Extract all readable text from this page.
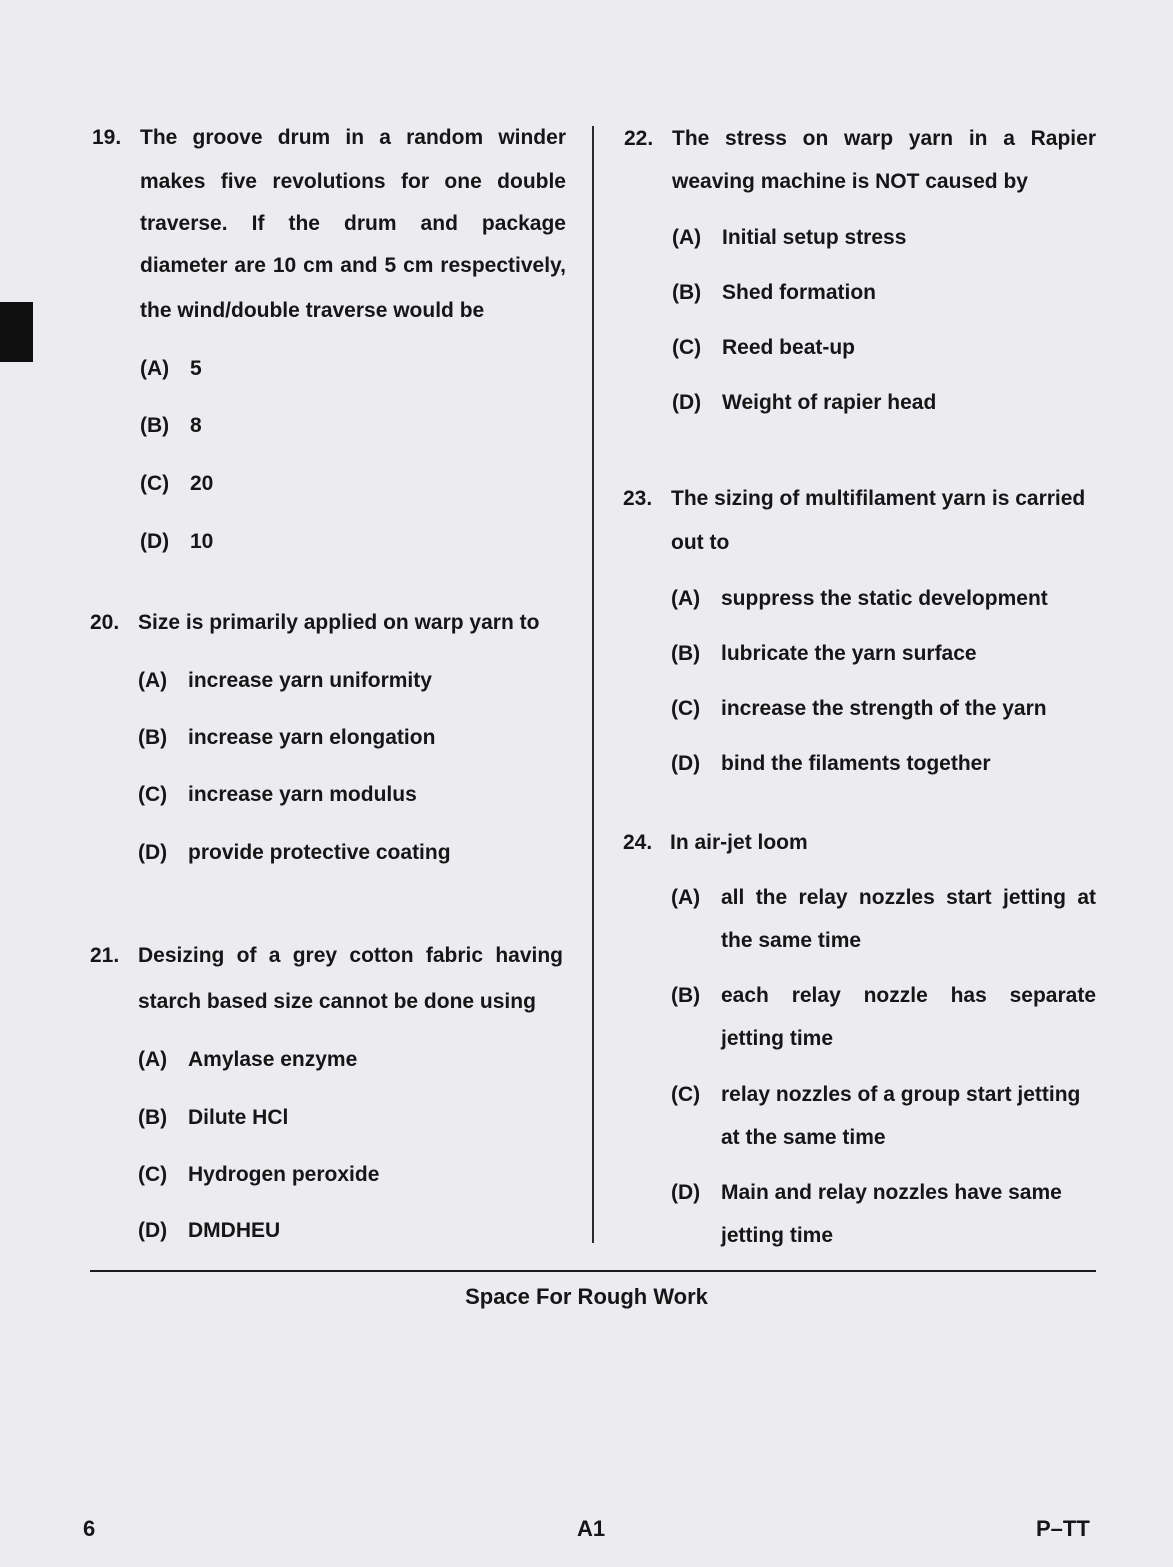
19. The groove drum in a random winder
makes five revolutions for one double
traverse. If the drum and package
diameter are 10 cm and 5 cm respectively,
the wind/double traverse would be
(A) 5
(B) 8
(C) 20
(D) 10
20. Size is primarily applied on warp yarn to
(A) increase yarn uniformity
(B) increase yarn elongation
(C) increase yarn modulus
(D) provide protective coating
21. Desizing of a grey cotton fabric having
starch based size cannot be done using
(A) Amylase enzyme
(B) Dilute HCl
(C) Hydrogen peroxide
(D) DMDHEU
22. The stress on warp yarn in a Rapier
weaving machine is NOT caused by
(A) Initial setup stress
(B) Shed formation
(C) Reed beat-up
(D) Weight of rapier head
23. The sizing of multifilament yarn is carried
out to
(A) suppress the static development
(B) lubricate the yarn surface
(C) increase the strength of the yarn
(D) bind the filaments together
24. In air-jet loom
(A) all the relay nozzles start jetting at
the same time
(B) each relay nozzle has separate
jetting time
(C) relay nozzles of a group start jetting
at the same time
(D) Main and relay nozzles have same
jetting time
Space For Rough Work
6	A1	P–TT
